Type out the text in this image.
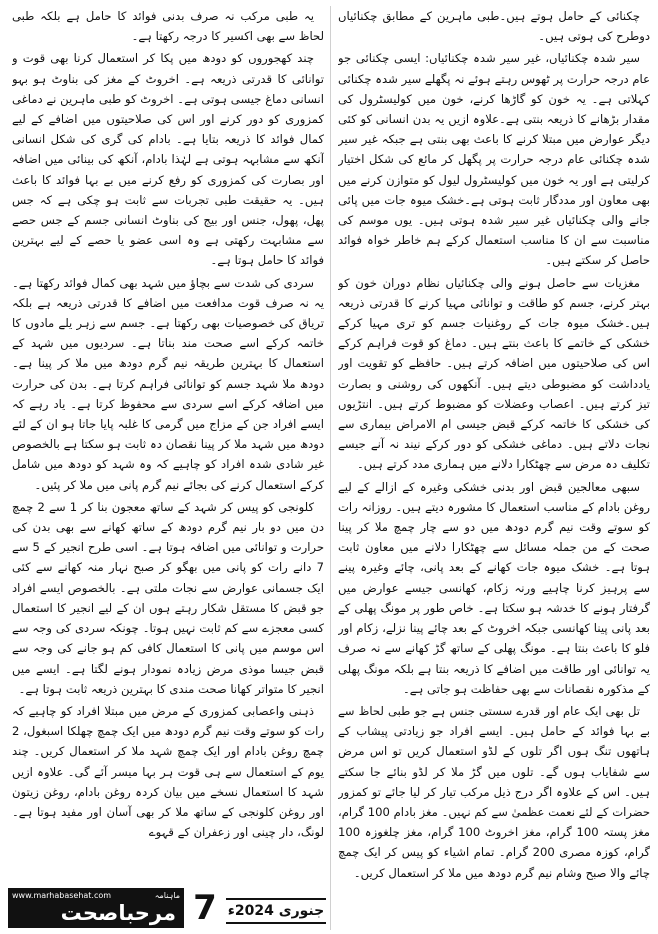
چکنائی کے حامل ہوتے ہیں۔طبی ماہرین کے مطابق چکنائیاں دوطرح کی ہوتی ہیں۔

سیر شدہ چکنائیاں، غیر سیر شدہ چکنائیاں: ایسی چکنائی جو عام درجہ حرارت پر ٹھوس رہتے ہوئے نہ پگھلے سیر شدہ چکنائی کہلاتی ہے۔ یہ خون کو گاڑھا کرنے، خون میں کولیسٹرول کی مقدار بڑھانے کا ذریعہ بنتی ہے۔علاوہ ازیں یہ بدن انسانی کو کئی دیگر عوارض میں مبتلا کرنے کا باعث بھی بنتی ہے جبکہ غیر سیر شدہ چکنائی عام درجہ حرارت پر پگھل کر مائع کی شکل اختیار کرلیتی ہے اور یہ خون میں کولیسٹرول لیول کو متوازن کرنے میں بھی معاون اور مددگار ثابت ہوتی ہے۔خشک میوہ جات میں پائی جانے والی چکنائیاں غیر سیر شدہ ہوتی ہیں۔ یوں موسم کی مناسبت سے ان کا مناسب استعمال کرکے ہم خاطر خواہ فوائد حاصل کر سکتے ہیں۔

مغزیات سے حاصل ہونے والی چکنائیاں نظام دوران خون کو بہتر کرنے، جسم کو طاقت و توانائی مہیا کرنے کا قدرتی ذریعہ ہیں۔خشک میوہ جات کے روغنیات جسم کو تری مہیا کرکے خشکی کے خاتمے کا باعث بنتے ہیں۔ دماغ کو قوت فراہم کرکے اس کی صلاحیتوں میں اضافہ کرتے ہیں۔ حافظے کو تقویت اور یادداشت کو مضبوطی دیتے ہیں۔ آنکھوں کی روشنی و بصارت تیز کرتے ہیں۔ اعصاب وعضلات کو مضبوط کرتے ہیں۔ انتڑیوں کی خشکی کا خاتمہ کرکے قبض جیسی ام الامراض بیماری سے نجات دلاتے ہیں۔ دماغی خشکی کو دور کرکے نیند نہ آنے جیسے تکلیف دہ مرض سے چھٹکارا دلانے میں ہماری مدد کرتے ہیں۔

سبھی معالجین قبض اور بدنی خشکی وغیرہ کے ازالے کے لیے روغن بادام کے مناسب استعمال کا مشورہ دیتے ہیں۔ روزانہ رات کو سوتے وقت نیم گرم دودھ میں دو سے چار چمچ ملا کر پینا صحت کے من جملہ مسائل سے چھٹکارا دلانے میں معاون ثابت ہوتا ہے۔ خشک میوہ جات کھانے کے بعد پانی، چائے وغیرہ پینے سے پرہیز کرنا چاہیے ورنہ زکام، کھانسی جیسے عوارض میں گرفتار ہونے کا خدشہ ہو سکتا ہے۔ خاص طور پر مونگ پھلی کے بعد پانی پینا کھانسی جبکہ اخروٹ کے بعد چائے پینا نزلے، زکام اور فلو کا باعث بنتا ہے۔ مونگ پھلی کے ساتھ گڑ کھانے سے نہ صرف یہ توانائی اور طاقت میں اضافے کا ذریعہ بنتا ہے بلکہ مونگ پھلی کے مذکورہ نقصانات سے بھی حفاظت ہو جاتی ہے۔

تل بھی ایک عام اور قدرے سستی جنس ہے جو طبی لحاظ سے بے بہا فوائد کے حامل ہیں۔ ایسے افراد جو زیادتی پیشاب کے ہاتھوں تنگ ہوں اگر تلوں کے لڈو استعمال کریں تو اس مرض سے شفایاب ہوں گے۔ تلوں میں گڑ ملا کر لڈو بنائے جا سکتے ہیں۔ اس کے علاوہ اگر درج ذیل مرکب تیار کر لیا جائے تو کمزور حضرات کے لئے نعمت عظمیٰ سے کم نہیں۔ مغز بادام 100 گرام، مغز پستہ 100 گرام، مغز اخروٹ 100 گرام، مغز چلغوزہ 100 گرام، کوزہ مصری 200 گرام۔ تمام اشیاء کو پیس کر ایک چمچ چائے والا صبح وشام نیم گرم دودھ میں ملا کر استعمال کریں۔

یہ طبی مرکب نہ صرف بدنی فوائد کا حامل ہے بلکہ طبی لحاظ سے بھی اکسیر کا درجہ رکھتا ہے۔

چند کھجوروں کو دودھ میں پکا کر استعمال کرنا بھی قوت و توانائی کا قدرتی ذریعہ ہے۔ اخروٹ کے مغز کی بناوٹ ہو بہو انسانی دماغ جیسی ہوتی ہے۔ اخروٹ کو طبی ماہرین نے دماغی کمزوری کو دور کرنے اور اس کی صلاحیتوں میں اضافے کے لیے کمال فوائد کا ذریعہ بتایا ہے۔ بادام کی گری کی شکل انسانی آنکھ سے مشابہہ ہوتی ہے لہٰذا بادام، آنکھ کی بینائی میں اضافہ اور بصارت کی کمزوری کو رفع کرنے میں بے بہا فوائد کا باعث ہیں۔ یہ حقیقت طبی تجربات سے ثابت ہو چکی ہے کہ جس پھل، پھول، جنس اور بیج کی بناوٹ انسانی جسم کے جس حصے سے مشابہت رکھتی ہے وہ اسی عضو یا حصے کے لیے بہترین فوائد کا حامل ہوتا ہے۔

سردی کی شدت سے بچاؤ میں شہد بھی کمال فوائد رکھتا ہے۔ یہ نہ صرف قوت مدافعت میں اضافے کا قدرتی ذریعہ ہے بلکہ تریاق کی خصوصیات بھی رکھتا ہے۔ جسم سے زہر یلے مادوں کا خاتمہ کرکے اسے صحت مند بناتا ہے۔ سردیوں میں شہد کے استعمال کا بہترین طریقہ نیم گرم دودھ میں ملا کر پینا ہے۔ دودھ ملا شہد جسم کو توانائی فراہم کرتا ہے۔ بدن کی حرارت میں اضافہ کرکے اسے سردی سے محفوظ کرتا ہے۔ یاد رہے کہ ایسے افراد جن کے مزاج میں گرمی کا غلبہ پایا جاتا ہو ان کے لئے دودھ میں شہد ملا کر پینا نقصان دہ ثابت ہو سکتا ہے بالخصوص غیر شادی شدہ افراد کو چاہیے کہ وہ شہد کو دودھ میں شامل کرکے استعمال کرنے کی بجائے نیم گرم پانی میں ملا کر پئیں۔

کلونجی کو پیس کر شہد کے ساتھ معجون بنا کر 1 سے 2 چمچ دن میں دو بار نیم گرم دودھ کے ساتھ کھانے سے بھی بدن کی حرارت و توانائی میں اضافہ ہوتا ہے۔ اسی طرح انجیر کے 5 سے 7 دانے رات کو پانی میں بھگو کر صبح نہار منہ کھانے سے کئی ایک جسمانی عوارض سے نجات ملتی ہے۔ بالخصوص ایسے افراد جو قبض کا مستقل شکار رہتے ہوں ان کے لیے انجیر کا استعمال کسی معجزے سے کم ثابت نہیں ہوتا۔ چونکہ سردی کی وجہ سے اس موسم میں پانی کا استعمال کافی کم ہو جانے کی وجہ سے قبض جیسا موذی مرض زیادہ نمودار ہونے لگتا ہے۔ ایسے میں انجیر کا متواتر کھانا صحت مندی کا بہترین ذریعہ ثابت ہوتا ہے۔

ذہنی واعصابی کمزوری کے مرض میں مبتلا افراد کو چاہیے کہ رات کو سوتے وقت نیم گرم دودھ میں ایک چمچ چھلکا اسبغول، 2 چمچ روغن بادام اور ایک چمچ شہد ملا کر استعمال کریں۔ چند یوم کے استعمال سے ہی قوت ہر بہا میسر آئے گی۔ علاوہ ازیں شہد کا استعمال نسخے میں بیان کردہ روغن بادام، روغن زیتون اور روغن کلونجی کے ساتھ ملا کر بھی آسان اور مفید ہوتا ہے۔ لونگ، دار چینی اور زعفران کے قہوے

ماہنامہ
www.marhabasehat.com
مرحباصحت 7 جنوری 2024ء
